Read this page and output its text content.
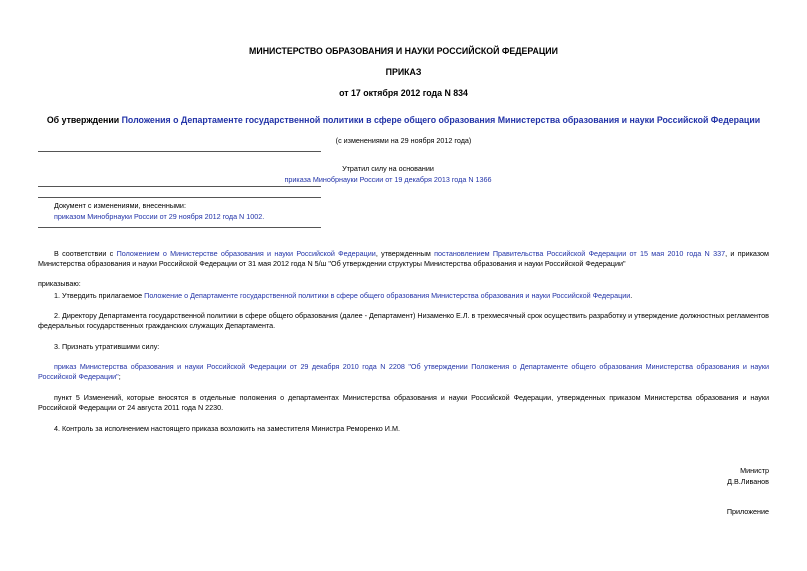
МИНИСТЕРСТВО ОБРАЗОВАНИЯ И НАУКИ РОССИЙСКОЙ ФЕДЕРАЦИИ
ПРИКАЗ
от 17 октября 2012 года N 834
Об утверждении Положения о Департаменте государственной политики в сфере общего образования Министерства образования и науки Российской Федерации
(с изменениями на 29 ноября 2012 года)
Утратил силу на основании
приказа Минобрнауки России от 19 декабря 2013 года N 1366
Документ с изменениями, внесенными:
приказом Минобрнауки России от 29 ноября 2012 года N 1002.
В соответствии с Положением о Министерстве образования и науки Российской Федерации, утвержденным постановлением Правительства Российской Федерации от 15 мая 2010 года N 337, и приказом Министерства образования и науки Российской Федерации от 31 мая 2012 года N 5/ш "Об утверждении структуры Министерства образования и науки Российской Федерации"
приказываю:
1. Утвердить прилагаемое Положение о Департаменте государственной политики в сфере общего образования Министерства образования и науки Российской Федерации.
2. Директору Департамента государственной политики в сфере общего образования (далее - Департамент) Низаменко Е.Л. в трехмесячный срок осуществить разработку и утверждение должностных регламентов федеральных государственных гражданских служащих Департамента.
3. Признать утратившими силу:
приказ Министерства образования и науки Российской Федерации от 29 декабря 2010 года N 2208 "Об утверждении Положения о Департаменте общего образования Министерства образования и науки Российской Федерации";
пункт 5 Изменений, которые вносятся в отдельные положения о департаментах Министерства образования и науки Российской Федерации, утвержденных приказом Министерства образования и науки Российской Федерации от 24 августа 2011 года N 2230.
4. Контроль за исполнением настоящего приказа возложить на заместителя Министра Реморенко И.М.
Министр
Д.В.Ливанов
Приложение
